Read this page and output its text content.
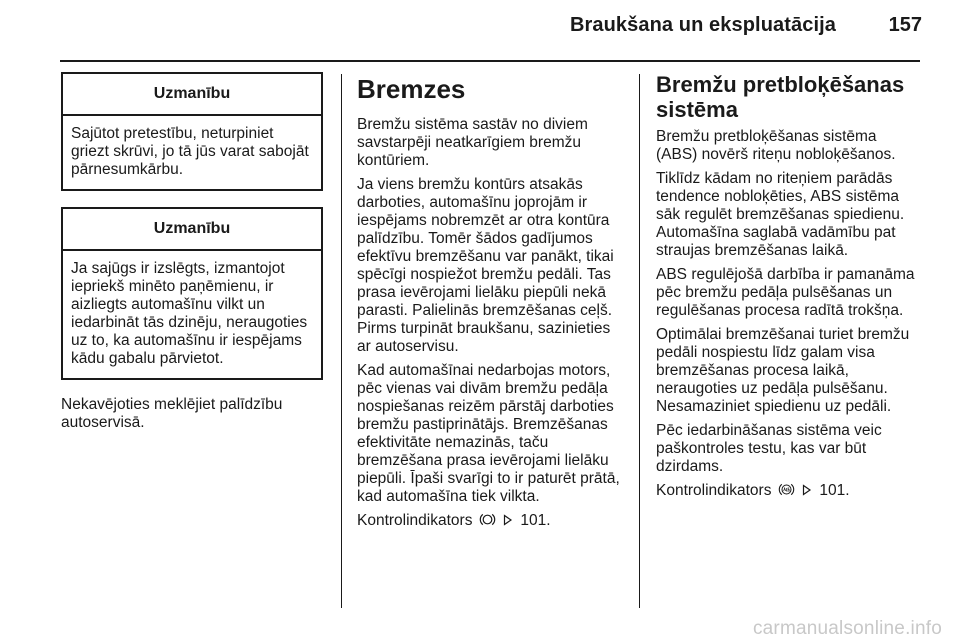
Braukšana un ekspluatācija	157
Uzmanību
Sajūtot pretestību, neturpiniet
griezt skrūvi, jo tā jūs varat sabojāt
pārnesumkārbu.
Uzmanību
Ja sajūgs ir izslēgts, izmantojot
iepriekš minēto paņēmienu, ir
aizliegts automašīnu vilkt un
iedarbināt tās dzinēju, neraugoties
uz to, ka automašīnu ir iespējams
kādu gabalu pārvietot.
Nekavējoties meklējiet palīdzību
autoservisā.
Bremzes
Bremžu sistēma sastāv no diviem
savstarpēji neatkarīgiem bremžu
kontūriem.
Ja viens bremžu kontūrs atsakās
darboties, automašīnu joprojām ir
iespējams nobremzēt ar otra kontūra
palīdzību. Tomēr šādos gadījumos
efektīvu bremzēšanu var panākt, tikai
spēcīgi nospiežot bremžu pedāli. Tas
prasa ievērojami lielāku piepūli nekā
parasti. Palielinās bremzēšanas ceļš.
Pirms turpināt braukšanu, sazinieties
ar autoservisu.
Kad automašīnai nedarbojas motors,
pēc vienas vai divām bremžu pedāļa
nospiešanas reizēm pārstāj darboties
bremžu pastiprinātājs. Bremzēšanas
efektivitāte nemazinās, taču
bremzēšana prasa ievērojami lielāku
piepūli. Īpaši svarīgi to ir paturēt prātā,
kad automašīna tiek vilkta.
Kontrolindikators	101.
Bremžu pretbloķēšanas
sistēma
Bremžu pretbloķēšanas sistēma
(ABS) novērš riteņu nobloķēšanos.
Tiklīdz kādam no riteņiem parādās
tendence nobloķēties, ABS sistēma
sāk regulēt bremzēšanas spiedienu.
Automašīna saglabā vadāmību pat
straujas bremzēšanas laikā.
ABS regulējošā darbība ir pamanāma
pēc bremžu pedāļa pulsēšanas un
regulēšanas procesa radītā trokšņa.
Optimālai bremzēšanai turiet bremžu
pedāli nospiestu līdz galam visa
bremzēšanas procesa laikā,
neraugoties uz pedāļa pulsēšanu.
Nesamaziniet spiedienu uz pedāli.
Pēc iedarbināšanas sistēma veic
paškontroles testu, kas var būt
dzirdams.
Kontrolindikators	101.
carmanualsonline.info
